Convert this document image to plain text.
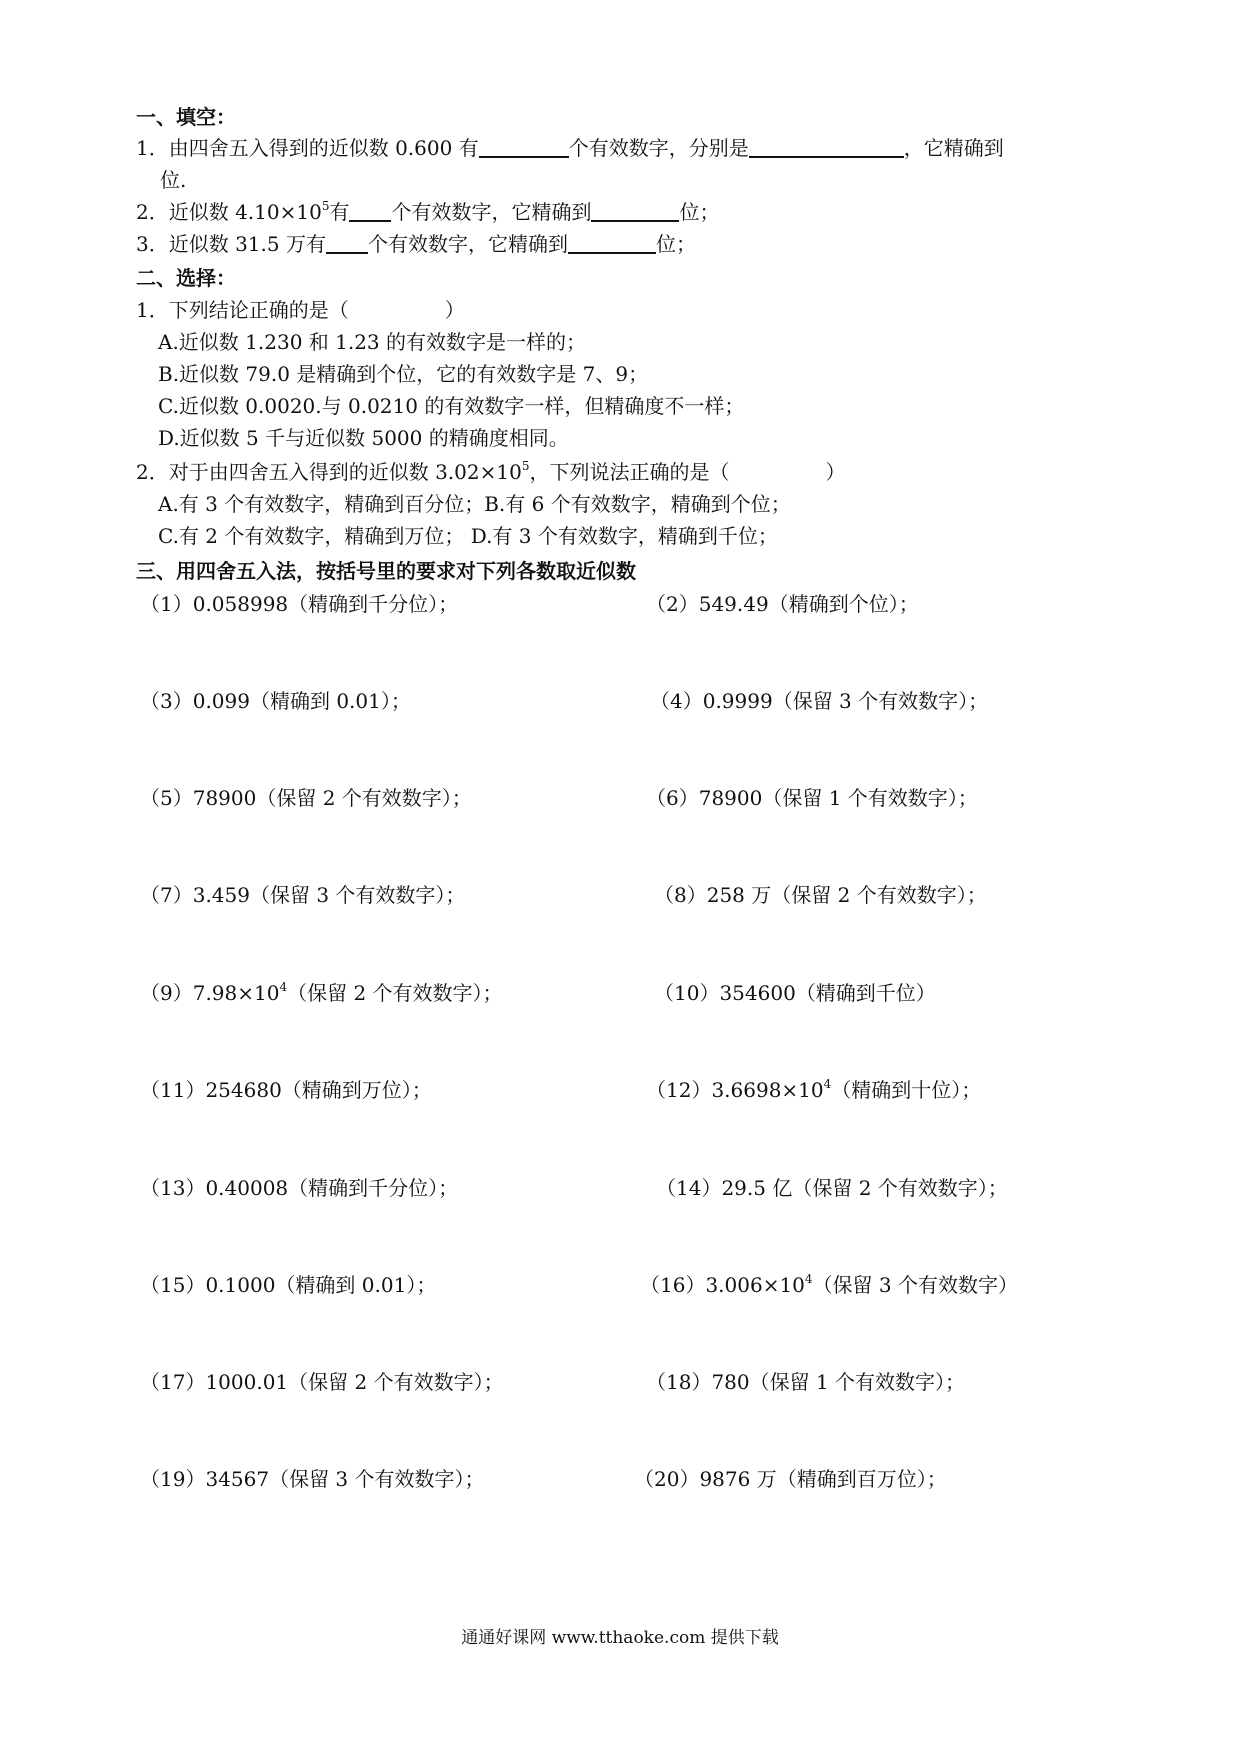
一、填空：
1．由四舍五入得到的近似数 0.600 有	个有效数字，分别是	，它精确到
位.
2．近似数 $4.10\times 10^5$有 个有效数字，它精确到	位；
3．近似数 31.5 万有 个有效数字，它精确到	位；
二、选择：
1．下列结论正确的是（	）
A.近似数 1.230 和 1.23 的有效数字是一样的；
B.近似数 79.0 是精确到个位，它的有效数字是 7、9；
C.近似数 0.0020.与 0.0210 的有效数字一样，但精确度不一样；
D.近似数 5 千与近似数 5000 的精确度相同。
2．对于由四舍五入得到的近似数 $3.02\times 10^5$，下列说法正确的是（	）
A.有 3 个有效数字，精确到百分位；B.有 6 个有效数字，精确到个位；
C.有 2 个有效数字，精确到万位； D.有 3 个有效数字，精确到千位；
三、用四舍五入法，按括号里的要求对下列各数取近似数
（1）0.058998（精确到千分位）；	（2）549.49（精确到个位）；
（3）0.099（精确到 0.01）；	（4）0.9999（保留 3 个有效数字）；
（5）78900（保留 2 个有效数字）；	（6）78900（保留 1 个有效数字）；
（7）3.459（保留 3 个有效数字）；	（8）258 万（保留 2 个有效数字）；
$(9)7.98\times 10^4$（保留 2 个有效数字）；	（10）354600（精确到千位）
（11）254680（精确到万位）；	$(12)3.6698\times 10^4$（精确到十位）；
（13）0.40008（精确到千分位）；	（14）29.5 亿（保留 2 个有效数字）；
（15）0.1000（精确到 0.01）；	$(16)3.006\times 10^4$（保留 3 个有效数字）
（17）1000.01（保留 2 个有效数字）；	（18）780（保留 1 个有效数字）；
（19）34567（保留 3 个有效数字）；	（20）9876 万（精确到百万位）；
通通好课网 www.tthaoke.com 提供下载
